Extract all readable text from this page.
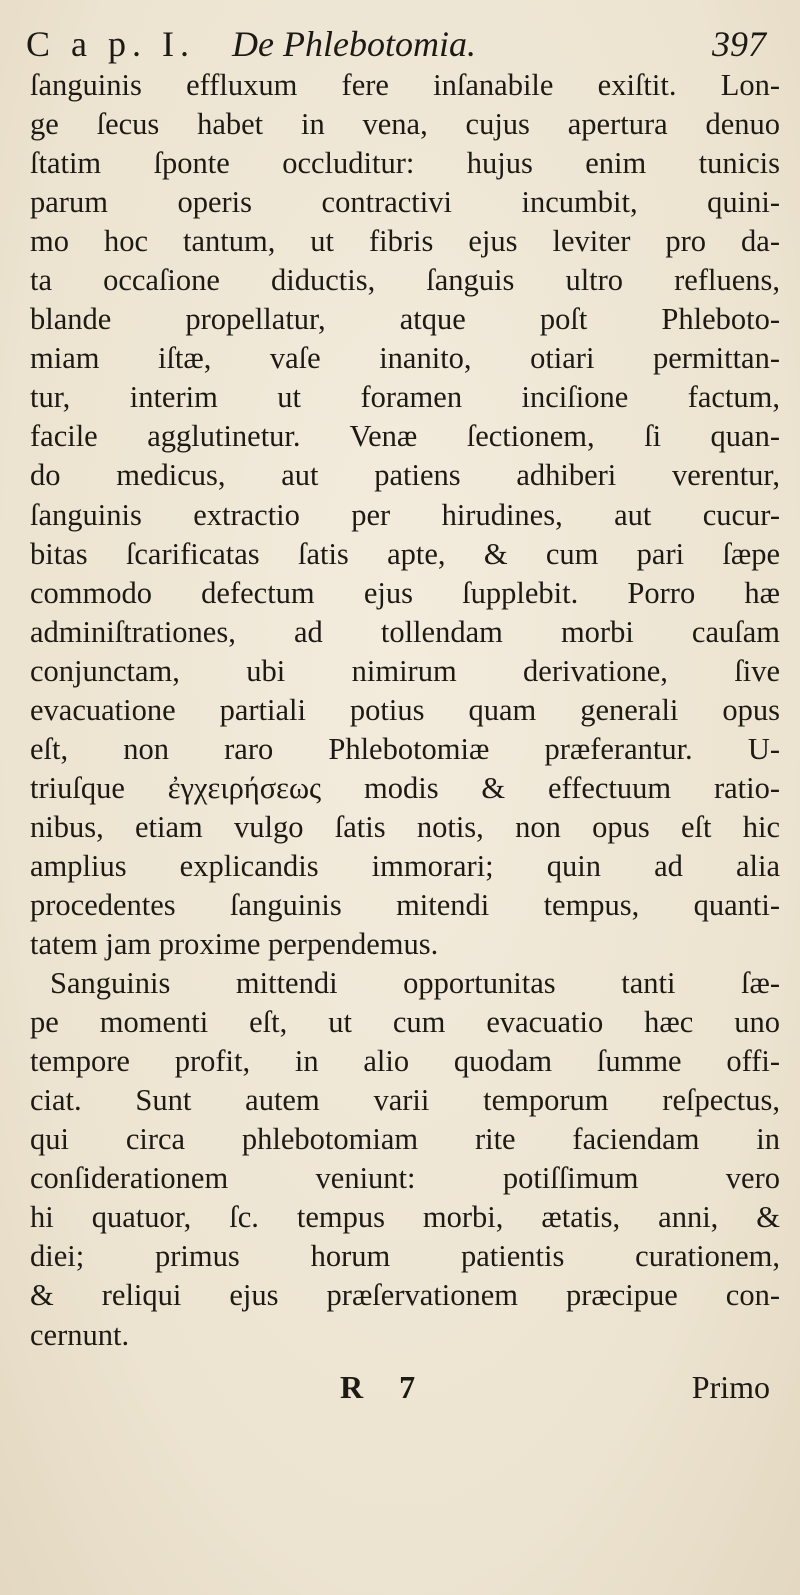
C a p. I. De Phlebotomia.	397
ſanguinis effluxum fere inſanabile exiſtit. Lon-
ge ſecus habet in vena, cujus apertura denuo
ſtatim ſponte occluditur: hujus enim tunicis
parum operis contractivi incumbit, quini-
mo hoc tantum, ut fibris ejus leviter pro da-
ta occaſione diductis, ſanguis ultro refluens,
blande propellatur, atque poſt Phleboto-
miam iſtæ, vaſe inanito, otiari permittan-
tur, interim ut foramen inciſione factum,
facile agglutinetur. Venæ ſectionem, ſi quan-
do medicus, aut patiens adhiberi verentur,
ſanguinis extractio per hirudines, aut cucur-
bitas ſcarificatas ſatis apte, & cum pari ſæpe
commodo defectum ejus ſupplebit. Porro hæ
adminiſtrationes, ad tollendam morbi cauſam
conjunctam, ubi nimirum derivatione, ſive
evacuatione partiali potius quam generali opus
eſt, non raro Phlebotomiæ præferantur. U-
triuſque ἐγχειρήσεως modis & effectuum ratio-
nibus, etiam vulgo ſatis notis, non opus eſt hic
amplius explicandis immorari; quin ad alia
procedentes ſanguinis mitendi tempus, quanti-
tatem jam proxime perpendemus.
Sanguinis mittendi opportunitas tanti ſæ-
pe momenti eſt, ut cum evacuatio hæc uno
tempore profit, in alio quodam ſumme offi-
ciat. Sunt autem varii temporum reſpectus,
qui circa phlebotomiam rite faciendam in
conſiderationem veniunt: potiſſimum vero
hi quatuor, ſc. tempus morbi, ætatis, anni, &
diei; primus horum patientis curationem,
& reliqui ejus præſervationem præcipue con-
cernunt.
R 7	Primo
